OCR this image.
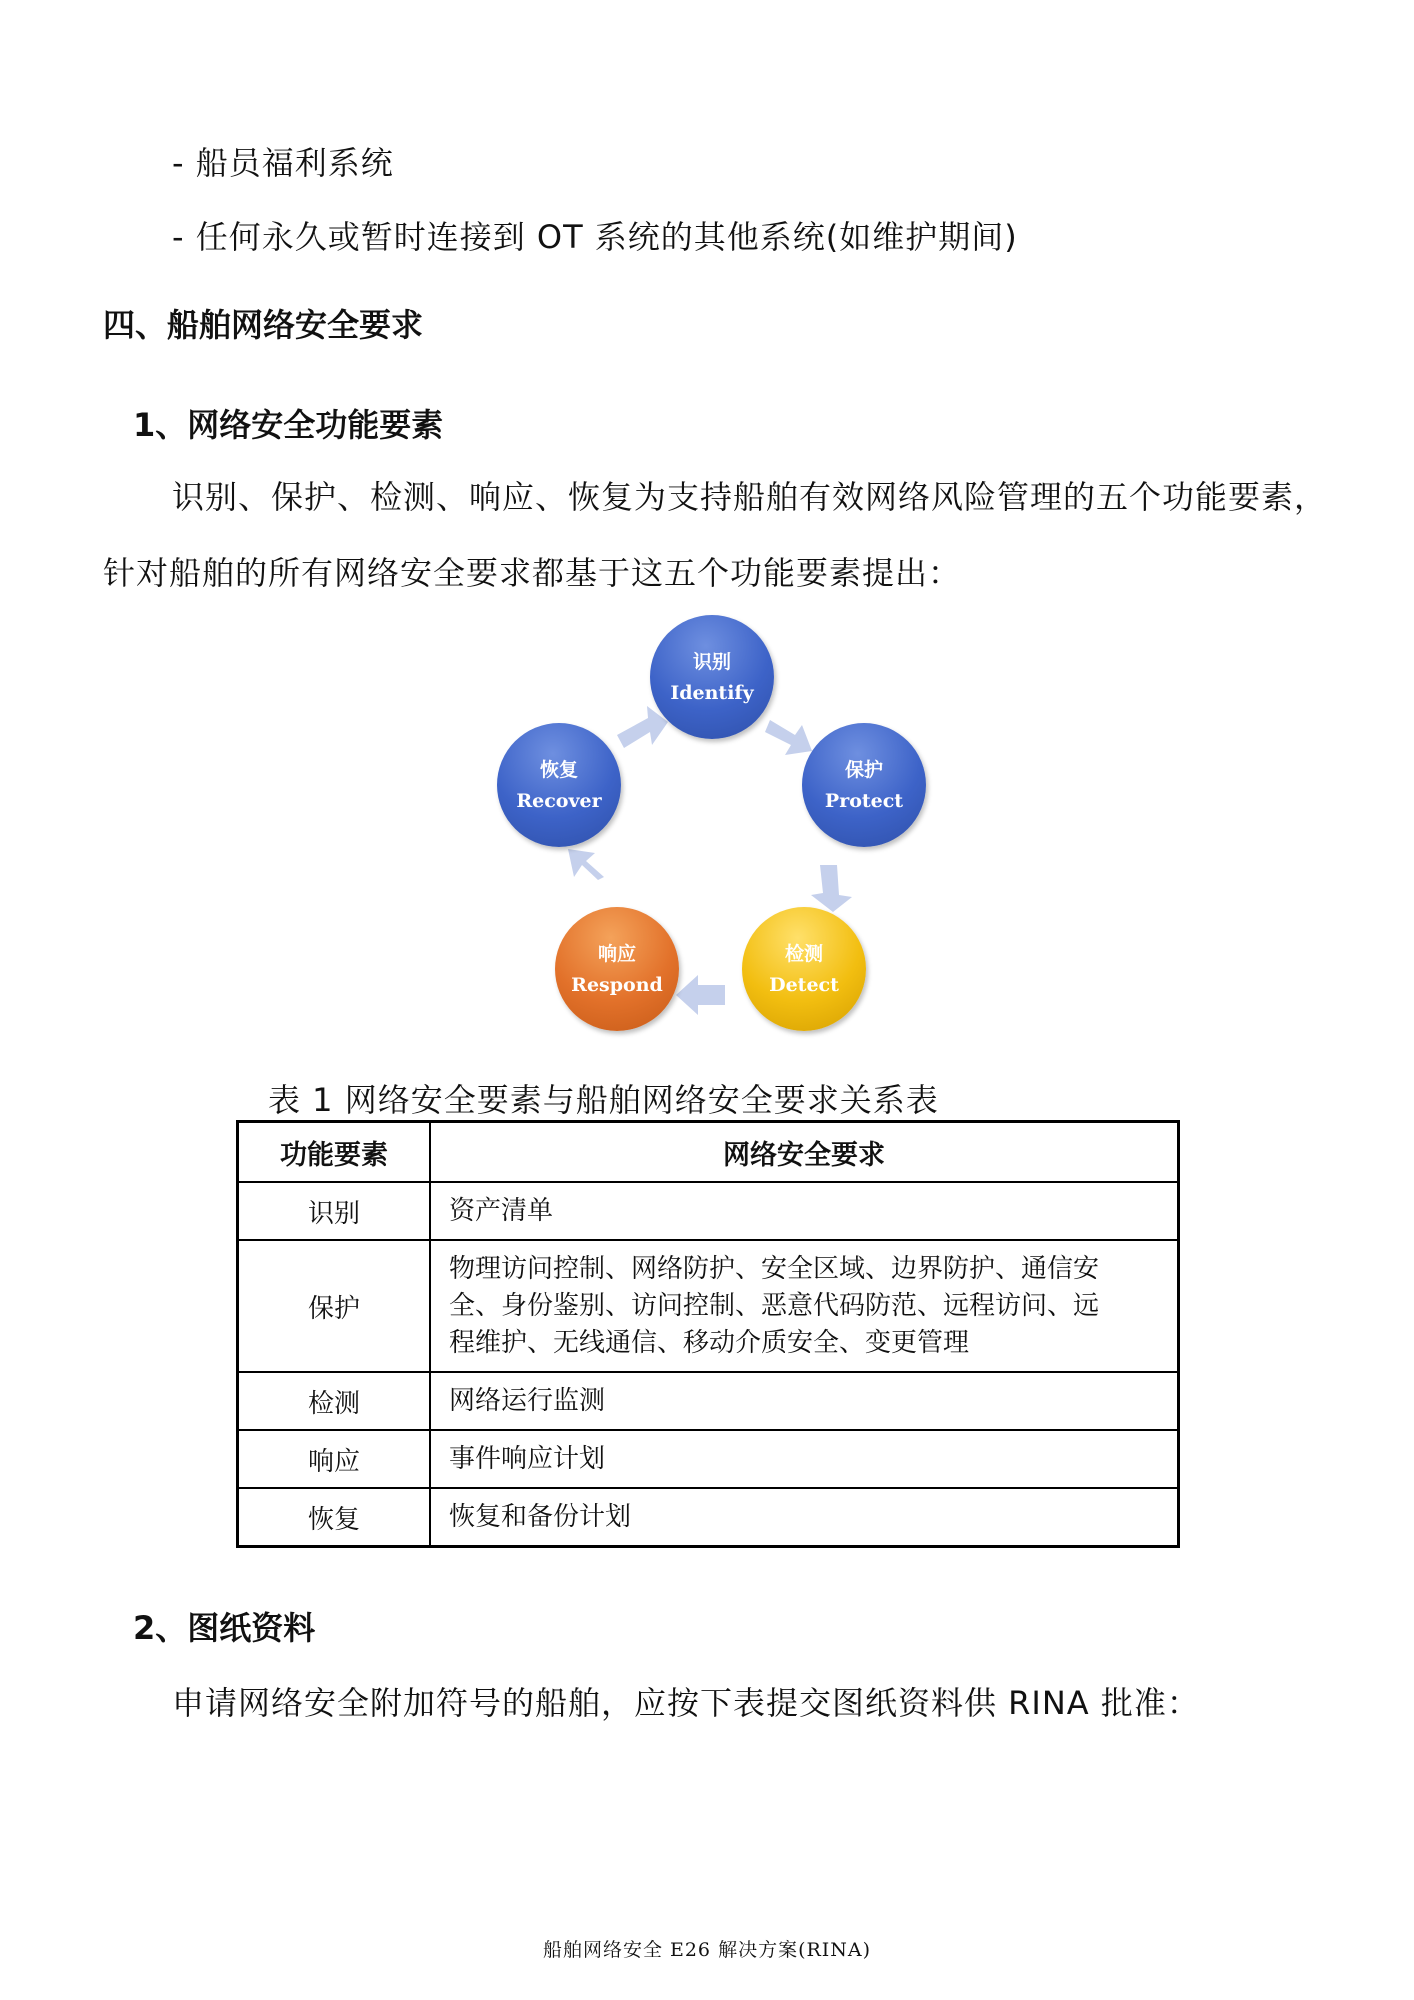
- 船员福利系统
- 任何永久或暂时连接到 OT 系统的其他系统(如维护期间)
四、船舶网络安全要求
1、网络安全功能要素
识别、保护、检测、响应、恢复为支持船舶有效网络风险管理的五个功能要素，
针对船舶的所有网络安全要求都基于这五个功能要素提出：
识别
Identify
保护
Protect
检测
Detect
响应
Respond
恢复
Recover
表 1 网络安全要素与船舶网络安全要求关系表
功能要素	网络安全要求
识别	资产清单
保护	物理访问控制、网络防护、安全区域、边界防护、通信安
全、身份鉴别、访问控制、恶意代码防范、远程访问、远
程维护、无线通信、移动介质安全、变更管理

检测	网络运行监测
响应	事件响应计划
恢复	恢复和备份计划
2、图纸资料
申请网络安全附加符号的船舶，应按下表提交图纸资料供 RINA 批准：
船舶网络安全 E26 解决方案(RINA)
